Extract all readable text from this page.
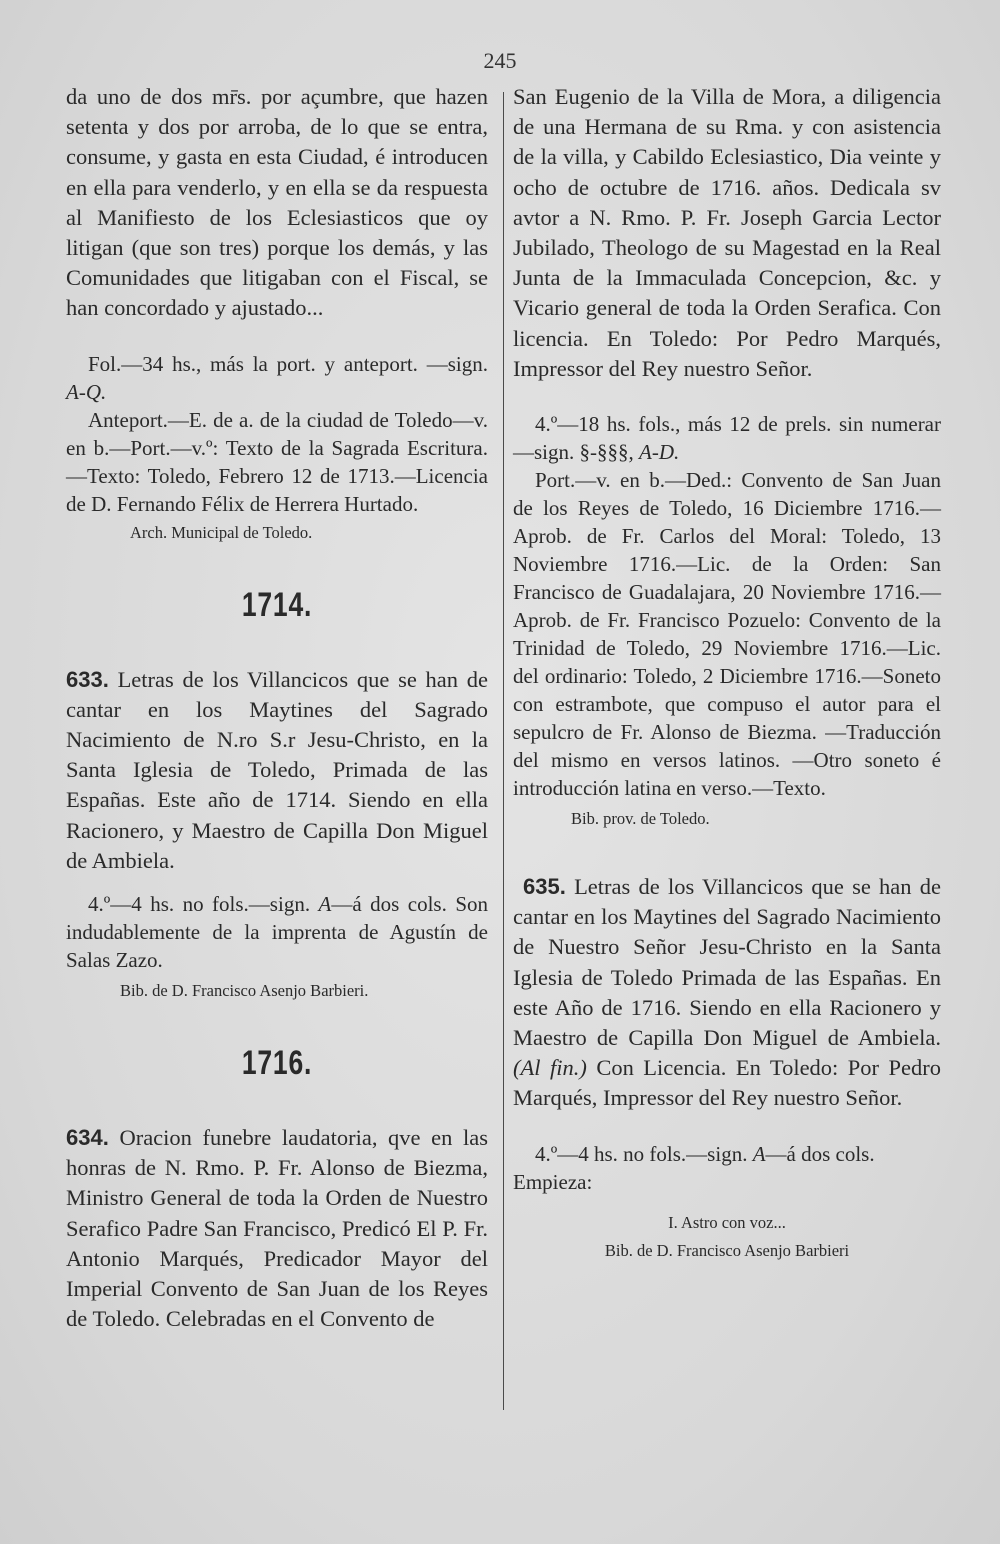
245

da uno de dos mr̄s. por açumbre, que hazen setenta y dos por arroba, de lo que se entra, consume, y gasta en esta Ciudad, é introducen en ella para venderlo, y en ella se da respuesta al Manifiesto de los Eclesiasticos que oy litigan (que son tres) porque los demás, y las Comunidades que litigaban con el Fiscal, se han concordado y ajustado...

Fol.—34 hs., más la port. y anteport. —sign. A-Q.

Anteport.—E. de a. de la ciudad de Toledo—v. en b.—Port.—v.º: Texto de la Sagrada Escritura.—Texto: Toledo, Febrero 12 de 1713.—Licencia de D. Fernando Félix de Herrera Hurtado.

Arch. Municipal de Toledo.

1714.

633. Letras de los Villancicos que se han de cantar en los Maytines del Sagrado Nacimiento de N.ro S.r Jesu-Christo, en la Santa Iglesia de Toledo, Primada de las Españas. Este año de 1714. Siendo en ella Racionero, y Maestro de Capilla Don Miguel de Ambiela.

4.º—4 hs. no fols.—sign. A—á dos cols. Son indudablemente de la imprenta de Agustín de Salas Zazo.

Bib. de D. Francisco Asenjo Barbieri.

1716.

634. Oracion funebre laudatoria, qve en las honras de N. Rmo. P. Fr. Alonso de Biezma, Ministro General de toda la Orden de Nuestro Serafico Padre San Francisco, Predicó El P. Fr. Antonio Marqués, Predicador Mayor del Imperial Convento de San Juan de los Reyes de Toledo. Celebradas en el Convento de

San Eugenio de la Villa de Mora, a diligencia de una Hermana de su Rma. y con asistencia de la villa, y Cabildo Eclesiastico, Dia veinte y ocho de octubre de 1716. años. Dedicala sv avtor a N. Rmo. P. Fr. Joseph Garcia Lector Jubilado, Theologo de su Magestad en la Real Junta de la Immaculada Concepcion, &c. y Vicario general de toda la Orden Serafica. Con licencia. En Toledo: Por Pedro Marqués, Impressor del Rey nuestro Señor.

4.º—18 hs. fols., más 12 de prels. sin numerar—sign. §-§§§, A-D.

Port.—v. en b.—Ded.: Convento de San Juan de los Reyes de Toledo, 16 Diciembre 1716.—Aprob. de Fr. Carlos del Moral: Toledo, 13 Noviembre 1716.—Lic. de la Orden: San Francisco de Guadalajara, 20 Noviembre 1716.—Aprob. de Fr. Francisco Pozuelo: Convento de la Trinidad de Toledo, 29 Noviembre 1716.—Lic. del ordinario: Toledo, 2 Diciembre 1716.—Soneto con estrambote, que compuso el autor para el sepulcro de Fr. Alonso de Biezma. —Traducción del mismo en versos latinos. —Otro soneto é introducción latina en verso.—Texto.

Bib. prov. de Toledo.

635. Letras de los Villancicos que se han de cantar en los Maytines del Sagrado Nacimiento de Nuestro Señor Jesu-Christo en la Santa Iglesia de Toledo Primada de las Españas. En este Año de 1716. Siendo en ella Racionero y Maestro de Capilla Don Miguel de Ambiela. (Al fin.) Con Licencia. En Toledo: Por Pedro Marqués, Impressor del Rey nuestro Señor.

4.º—4 hs. no fols.—sign. A—á dos cols.
Empieza:

I. Astro con voz...

Bib. de D. Francisco Asenjo Barbieri
